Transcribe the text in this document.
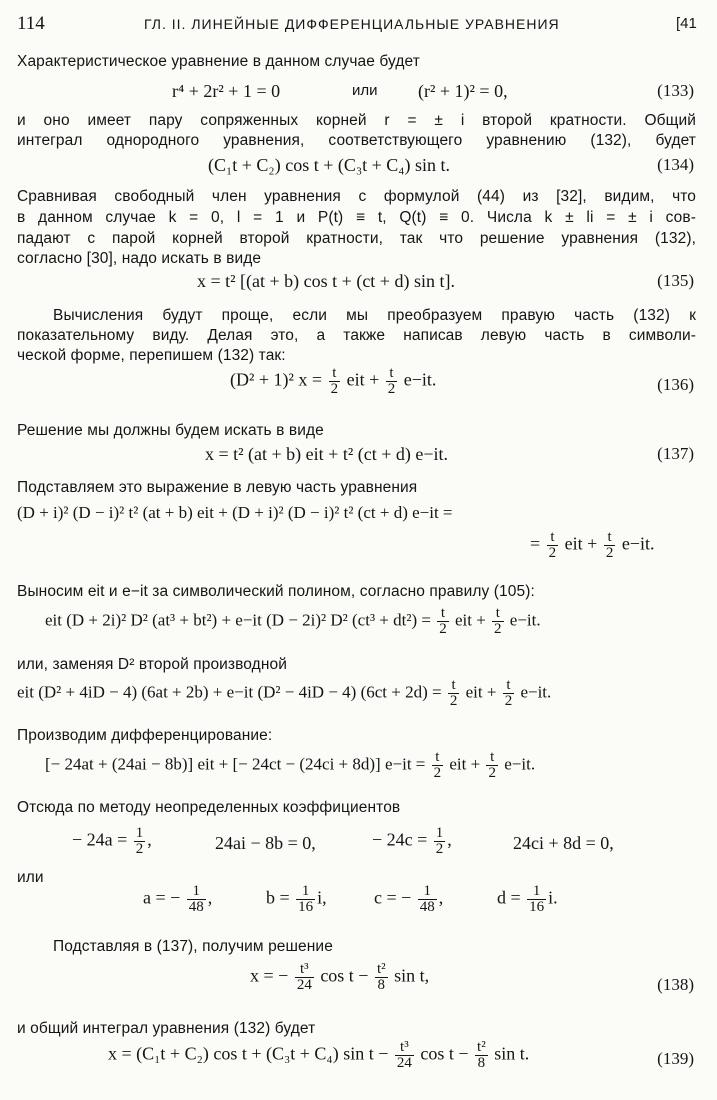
114	ГЛ. II. ЛИНЕЙНЫЕ ДИФФЕРЕНЦИАЛЬНЫЕ УРАВНЕНИЯ	[41
Характеристическое уравнение в данном случае будет
r⁴ + 2r² + 1 = 0	или (r² + 1)² = 0,	(133)
и оно имеет пару сопряженных корней r = ± i второй кратности. Общий
интеграл однородного уравнения, соответствующего уравнению (132), будет
(C₁t + C₂) cos t + (C₃t + C₄) sin t.	(134)
Сравнивая свободный член уравнения с формулой (44) из [32], видим, что
в данном случае k = 0, l = 1 и P(t) ≡ t, Q(t) ≡ 0. Числа k ± li = ± i сов-
падают с парой корней второй кратности, так что решение уравнения (132),
согласно [30], надо искать в виде
x = t² [(at + b) cos t + (ct + d) sin t].	(135)
Вычисления будут проще, если мы преобразуем правую часть (132) к
показательному виду. Делая это, а также написав левую часть в символи-
ческой форме, перепишем (132) так:
(D² + 1)² $x = \frac{t}{2}$ eit + $\frac{t}{2} e-it$.	(136)
Решение мы должны будем искать в виде
x = t² (at + b) eit + t² (ct + d) e−it.	(137)
Подставляем это выражение в левую часть уравнения
(D + i)² (D − i)² t² (at + b) eit + (D + i)² (D − i)² t² (ct + d) e−it =
= $\frac{t}{2}$ eit + $\frac{t}{2} e-it$.
Выносим eit и e−it за символический полином, согласно правилу (105):
eit (D + 2i)² D² (at³ + bt²) + e−it (D − 2i)² D² $(ct^3 + dt^2) = \frac{t}{2}$ eit + $\frac{t}{2} e-it$.
или, заменяя D² второй производной
eit (D² + 4iD − 4) (6at + 2b) + e−it (D² − 4iD − 4) $(6ct + 2d) = \frac{t}{2}$ eit + $\frac{t}{2} e-it$.
Производим дифференцирование:
[− 24at + (24ai − 8b)] eit + [− 24ct − (24ci + 8d)] $e-it = \frac{t}{2}$ eit + $\frac{t}{2} e-it$.
Отсюда по методу неопределенных коэффициентов
− $24a = \frac{1}{2}$ ,	24ai − 8b = 0,	− $24c = \frac{1}{2}$ ,	24ci + 8d = 0,
или
a = − $\frac{1}{48}$ ,	$b = \frac{1}{16} i$,	c = − $\frac{1}{48}$ ,	$d = \frac{1}{16} i$.
Подставляя в (137), получим решение
x = − $\frac{\text{t³}}{24}$ $\cos t - \frac{\text{t²}}{8}$ sin t,	(138)
и общий интеграл уравнения (132) будет
x = (C₁t + C₂) cos t + (C₃t + C₄) $\sin t - \frac{\text{t³}}{24}$ $\cos t - \frac{\text{t²}}{8}$ sin t.	(139)
